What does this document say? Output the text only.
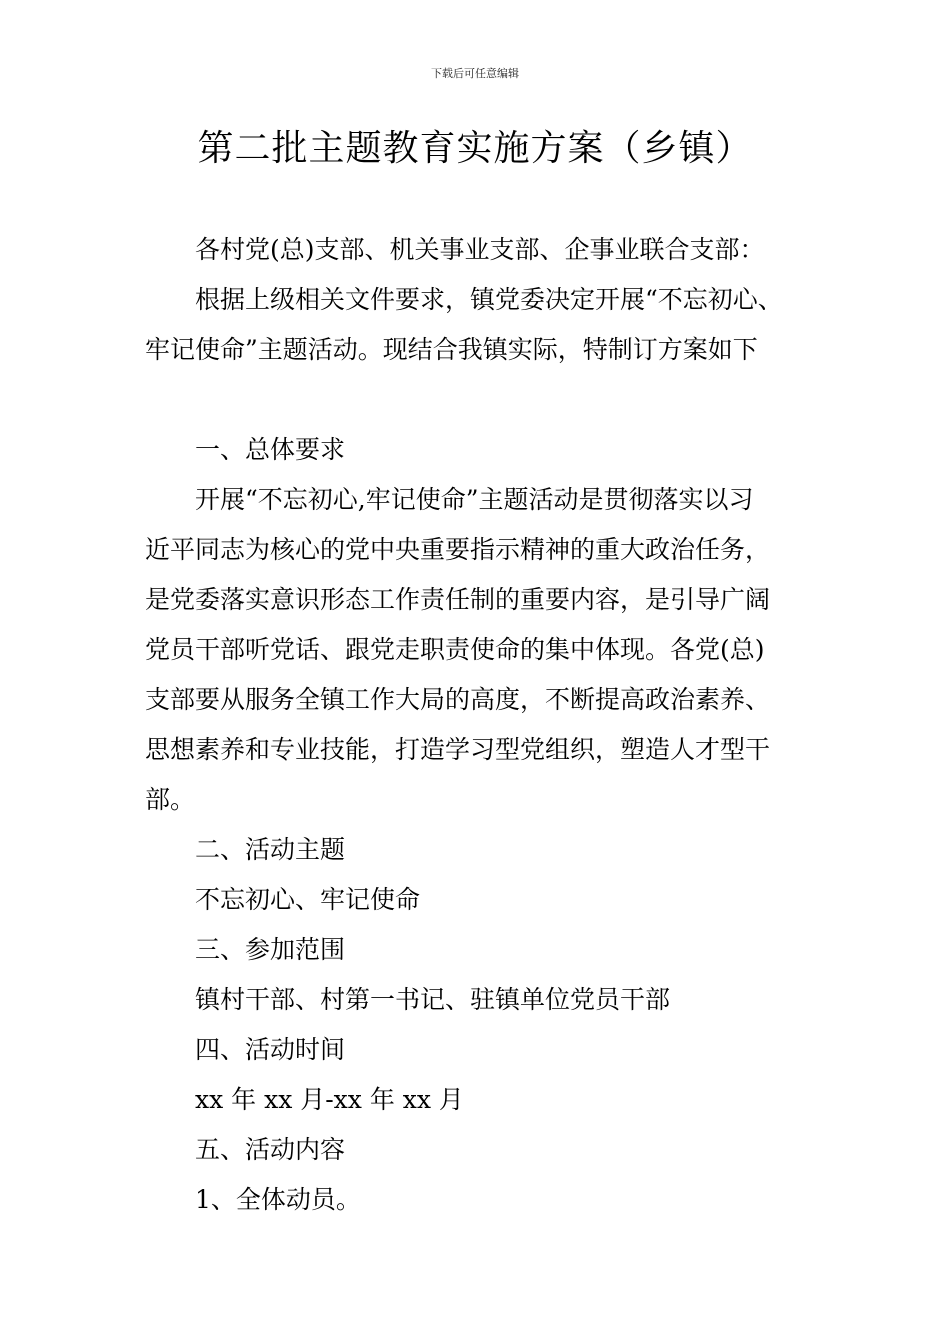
下载后可任意编辑
第二批主题教育实施方案（乡镇）

各村党(总)支部、机关事业支部、企事业联合支部：

根据上级相关文件要求，镇党委决定开展“不忘初心、

牢记使命”主题活动。现结合我镇实际，特制订方案如下

一、总体要求

开展“不忘初心,牢记使命”主题活动是贯彻落实以习

近平同志为核心的党中央重要指示精神的重大政治任务，

是党委落实意识形态工作责任制的重要内容，是引导广阔

党员干部听党话、跟党走职责使命的集中体现。各党(总)

支部要从服务全镇工作大局的高度，不断提高政治素养、

思想素养和专业技能，打造学习型党组织，塑造人才型干

部。

二、活动主题

不忘初心、牢记使命

三、参加范围

镇村干部、村第一书记、驻镇单位党员干部

四、活动时间

xx 年 xx 月-xx 年 xx 月

五、活动内容

1、全体动员。
